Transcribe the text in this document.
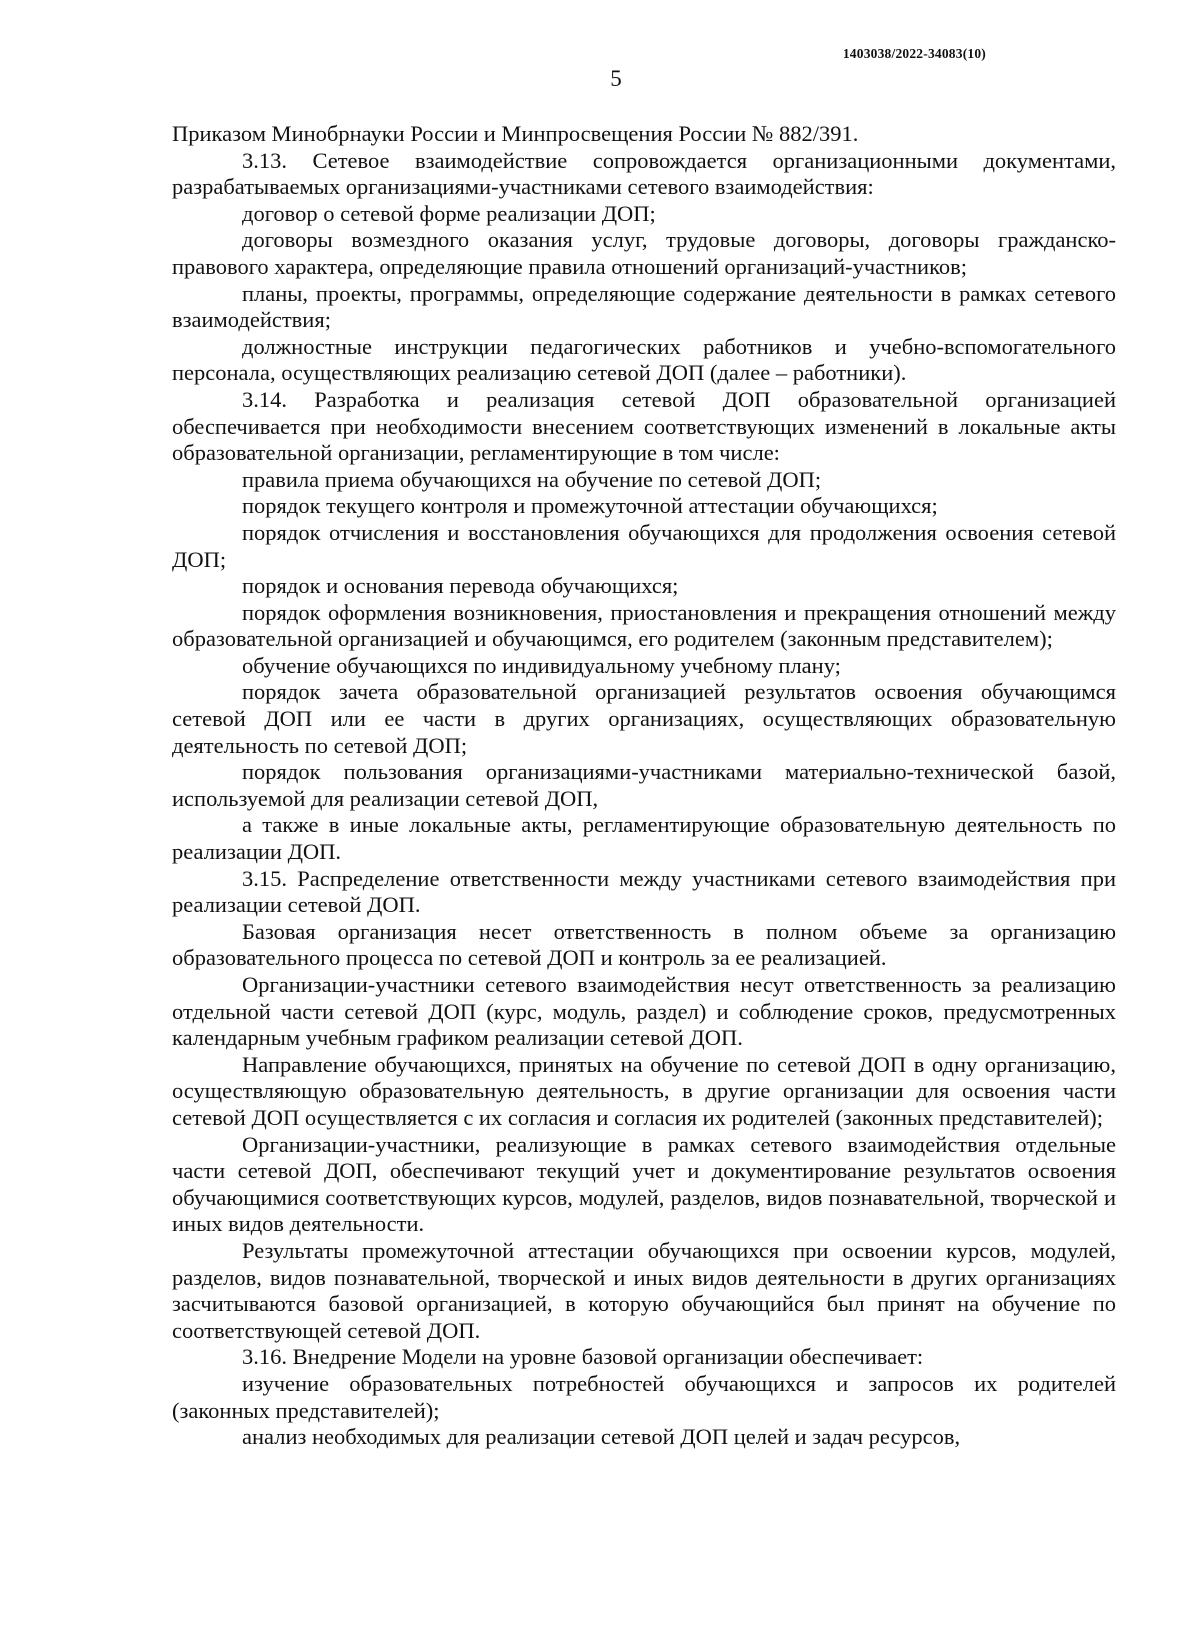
1403038/2022-34083(10)
5

Приказом Минобрнауки России и Минпросвещения России № 882/391.

3.13. Сетевое взаимодействие сопровождается организационными документами, разрабатываемых организациями-участниками сетевого взаимодействия:

договор о сетевой форме реализации ДОП;

договоры возмездного оказания услуг, трудовые договоры, договоры гражданско-правового характера, определяющие правила отношений организаций-участников;

планы, проекты, программы, определяющие содержание деятельности в рамках сетевого взаимодействия;

должностные инструкции педагогических работников и учебно-вспомогательного персонала, осуществляющих реализацию сетевой ДОП (далее – работники).

3.14. Разработка и реализация сетевой ДОП образовательной организацией обеспечивается при необходимости внесением соответствующих изменений в локальные акты образовательной организации, регламентирующие в том числе:

правила приема обучающихся на обучение по сетевой ДОП;

порядок текущего контроля и промежуточной аттестации обучающихся;

порядок отчисления и восстановления обучающихся для продолжения освоения сетевой ДОП;

порядок и основания перевода обучающихся;

порядок оформления возникновения, приостановления и прекращения отношений между образовательной организацией и обучающимся, его родителем (законным представителем);

обучение обучающихся по индивидуальному учебному плану;

порядок зачета образовательной организацией результатов освоения обучающимся сетевой ДОП или ее части в других организациях, осуществляющих образовательную деятельность по сетевой ДОП;

порядок пользования организациями-участниками материально-технической базой, используемой для реализации сетевой ДОП,

а также в иные локальные акты, регламентирующие образовательную деятельность по реализации ДОП.

3.15. Распределение ответственности между участниками сетевого взаимодействия при реализации сетевой ДОП.

Базовая организация несет ответственность в полном объеме за организацию образовательного процесса по сетевой ДОП и контроль за ее реализацией.

Организации-участники сетевого взаимодействия несут ответственность за реализацию отдельной части сетевой ДОП (курс, модуль, раздел) и соблюдение сроков, предусмотренных календарным учебным графиком реализации сетевой ДОП.

Направление обучающихся, принятых на обучение по сетевой ДОП в одну организацию, осуществляющую образовательную деятельность, в другие организации для освоения части сетевой ДОП осуществляется с их согласия и согласия их родителей (законных представителей);

Организации-участники, реализующие в рамках сетевого взаимодействия отдельные части сетевой ДОП, обеспечивают текущий учет и документирование результатов освоения обучающимися соответствующих курсов, модулей, разделов, видов познавательной, творческой и иных видов деятельности.

Результаты промежуточной аттестации обучающихся при освоении курсов, модулей, разделов, видов познавательной, творческой и иных видов деятельности в других организациях засчитываются базовой организацией, в которую обучающийся был принят на обучение по соответствующей сетевой ДОП.

3.16. Внедрение Модели на уровне базовой организации обеспечивает:

изучение образовательных потребностей обучающихся и запросов их родителей (законных представителей);

анализ необходимых для реализации сетевой ДОП целей и задач ресурсов,
